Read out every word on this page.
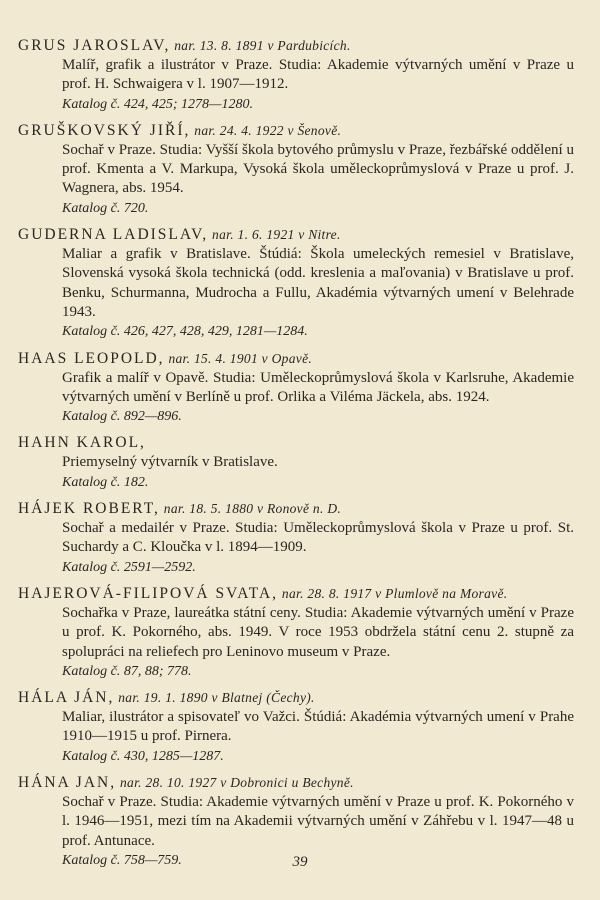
GRUS JAROSLAV, nar. 13. 8. 1891 v Pardubicích.

Malíř, grafik a ilustrátor v Praze. Studia: Akademie výtvarných umění v Praze u prof. H. Schwaigera v l. 1907—1912.

Katalog č. 424, 425; 1278—1280.
GRUŠKOVSKÝ JIŘÍ, nar. 24. 4. 1922 v Šenově.

Sochař v Praze. Studia: Vyšší škola bytového průmyslu v Praze, řezbářské oddělení u prof. Kmenta a V. Markupa, Vysoká škola uměleckoprůmyslová v Praze u prof. J. Wagnera, abs. 1954.

Katalog č. 720.
GUDERNA LADISLAV, nar. 1. 6. 1921 v Nitre.

Maliar a grafik v Bratislave. Štúdiá: Škola umeleckých remesiel v Bratislave, Slovenská vysoká škola technická (odd. kreslenia a maľovania) v Bratislave u prof. Benku, Schurmanna, Mudrocha a Fullu, Akadémia výtvarných umení v Belehrade 1943.

Katalog č. 426, 427, 428, 429, 1281—1284.
HAAS LEOPOLD, nar. 15. 4. 1901 v Opavě.

Grafik a malíř v Opavě. Studia: Uměleckoprůmyslová škola v Karlsruhe, Akademie výtvarných umění v Berlíně u prof. Orlika a Viléma Jäckela, abs. 1924.

Katalog č. 892—896.
HAHN KAROL,

Priemyselný výtvarník v Bratislave.

Katalog č. 182.
HÁJEK ROBERT, nar. 18. 5. 1880 v Ronově n. D.

Sochař a medailér v Praze. Studia: Uměleckoprůmyslová škola v Praze u prof. St. Suchardy a C. Kloučka v l. 1894—1909.

Katalog č. 2591—2592.
HAJEROVÁ-FILIPOVÁ SVATA, nar. 28. 8. 1917 v Plumlově na Moravě.

Sochařka v Praze, laureátka státní ceny. Studia: Akademie výtvarných umění v Praze u prof. K. Pokorného, abs. 1949. V roce 1953 obdržela státní cenu 2. stupně za spolupráci na reliefech pro Leninovo museum v Praze.

Katalog č. 87, 88; 778.
HÁLA JÁN, nar. 19. 1. 1890 v Blatnej (Čechy).

Maliar, ilustrátor a spisovateľ vo Važci. Štúdiá: Akadémia výtvarných umení v Prahe 1910—1915 u prof. Pirnera.

Katalog č. 430, 1285—1287.
HÁNA JAN, nar. 28. 10. 1927 v Dobronici u Bechyně.

Sochař v Praze. Studia: Akademie výtvarných umění v Praze u prof. K. Pokorného v l. 1946—1951, mezi tím na Akademii výtvarných umění v Záhřebu v l. 1947—48 u prof. Antunace.

Katalog č. 758—759.	39
